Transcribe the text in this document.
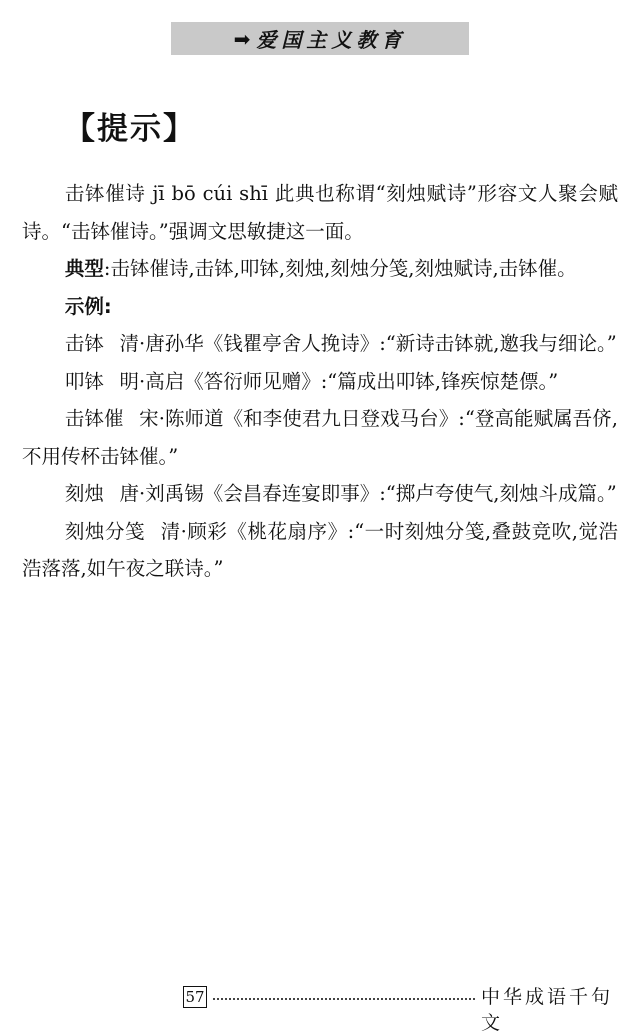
➡ 爱国主义教育
【提示】

击钵催诗 jī bō cúi shī 此典也称谓“刻烛赋诗”形容文人聚会赋诗。“击钵催诗。”强调文思敏捷这一面。

典型:击钵催诗,击钵,叩钵,刻烛,刻烛分笺,刻烛赋诗,击钵催。

示例:

击钵 清·唐孙华《钱瞿亭舍人挽诗》:“新诗击钵就,邀我与细论。”

叩钵 明·高启《答衍师见赠》:“篇成出叩钵,锋疾惊楚僄。”

击钵催 宋·陈师道《和李使君九日登戏马台》:“登高能赋属吾侪,不用传杯击钵催。”

刻烛 唐·刘禹锡《会昌春连宴即事》:“掷卢夸使气,刻烛斗成篇。”

刻烛分笺 清·顾彩《桃花扇序》:“一时刻烛分笺,叠鼓竞吹,觉浩浩落落,如午夜之联诗。”

57	中华成语千句文
